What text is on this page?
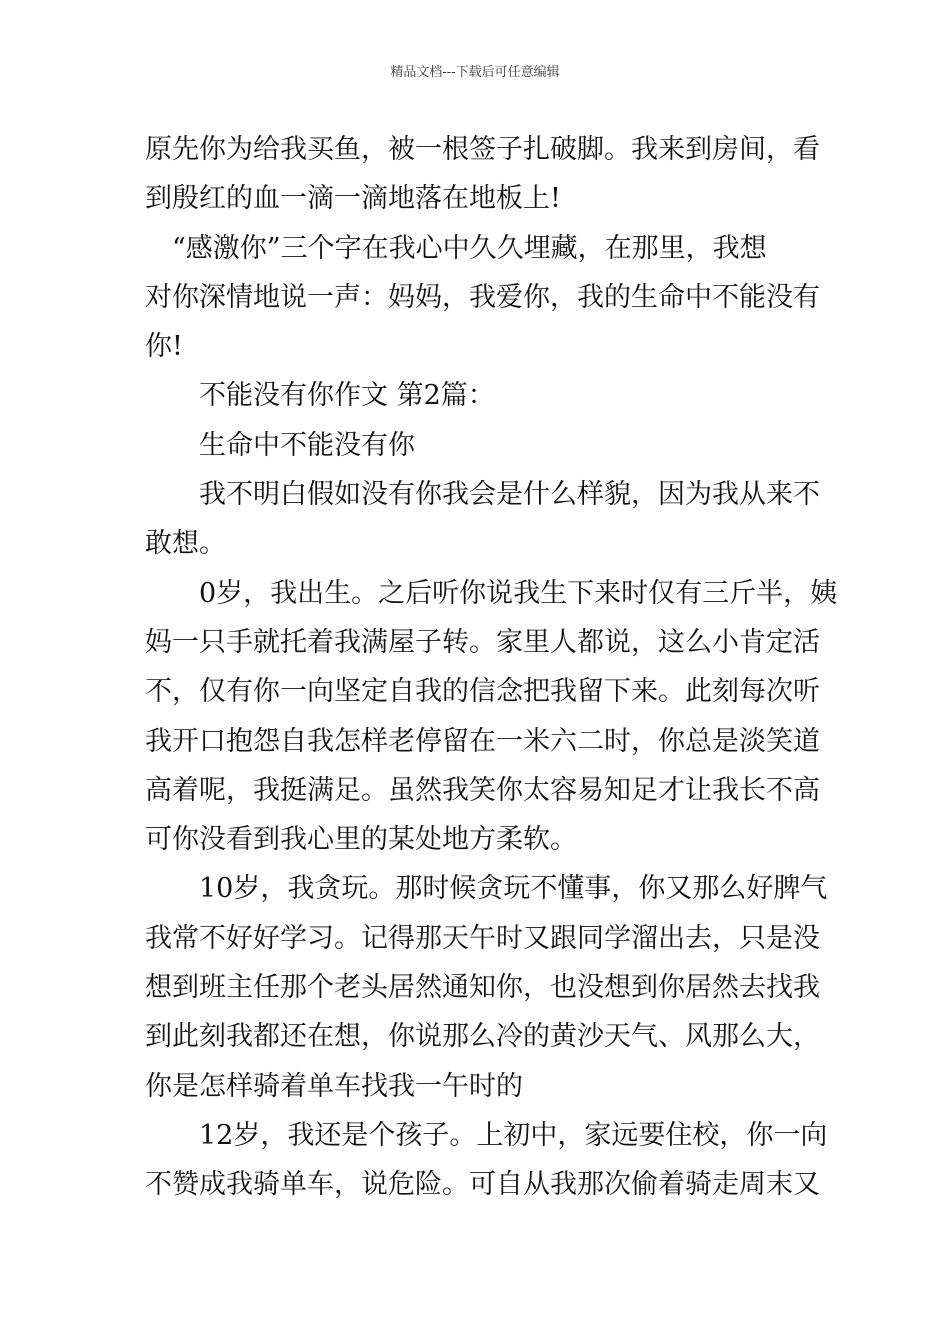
精品文档---下载后可任意编辑

原先你为给我买鱼，被一根签子扎破脚。我来到房间，看
到殷红的血一滴一滴地落在地板上!

　“感激你”三个字在我心中久久埋藏，在那里，我想
对你深情地说一声：妈妈，我爱你，我的生命中不能没有
你!

　　不能没有你作文 第2篇：

　　生命中不能没有你

　　我不明白假如没有你我会是什么样貌，因为我从来不
敢想。

　　0岁，我出生。之后听你说我生下来时仅有三斤半，姨
妈一只手就托着我满屋子转。家里人都说，这么小肯定活
不，仅有你一向坚定自我的信念把我留下来。此刻每次听
我开口抱怨自我怎样老停留在一米六二时，你总是淡笑道
高着呢，我挺满足。虽然我笑你太容易知足才让我长不高
可你没看到我心里的某处地方柔软。

　　10岁，我贪玩。那时候贪玩不懂事，你又那么好脾气
我常不好好学习。记得那天午时又跟同学溜出去，只是没
想到班主任那个老头居然通知你，也没想到你居然去找我
到此刻我都还在想，你说那么冷的黄沙天气、风那么大，
你是怎样骑着单车找我一午时的

　　12岁，我还是个孩子。上初中，家远要住校，你一向
不赞成我骑单车，说危险。可自从我那次偷着骑走周末又
